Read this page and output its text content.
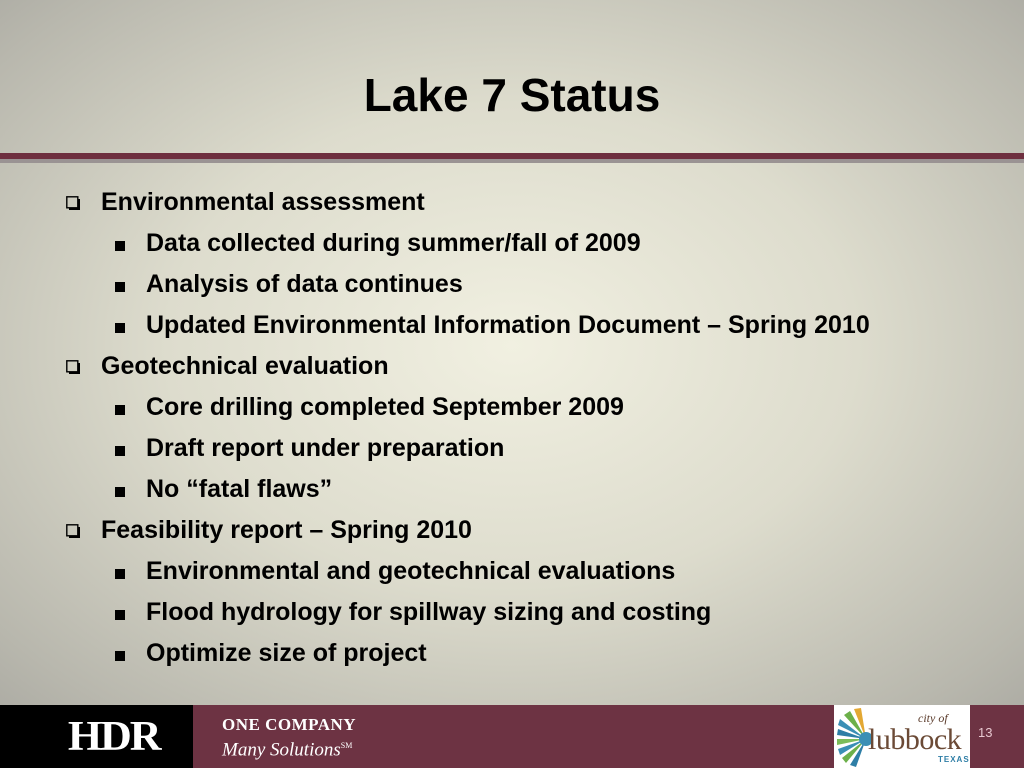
Lake 7 Status
Environmental assessment
Data collected during summer/fall of 2009
Analysis of data continues
Updated Environmental Information Document – Spring 2010
Geotechnical evaluation
Core drilling completed September 2009
Draft report under preparation
No “fatal flaws”
Feasibility report – Spring 2010
Environmental and geotechnical evaluations
Flood hydrology for spillway sizing and costing
Optimize size of project
HDR	ONE COMPANY
Many Solutions℠
city of
lubbock
TEXAS
13
